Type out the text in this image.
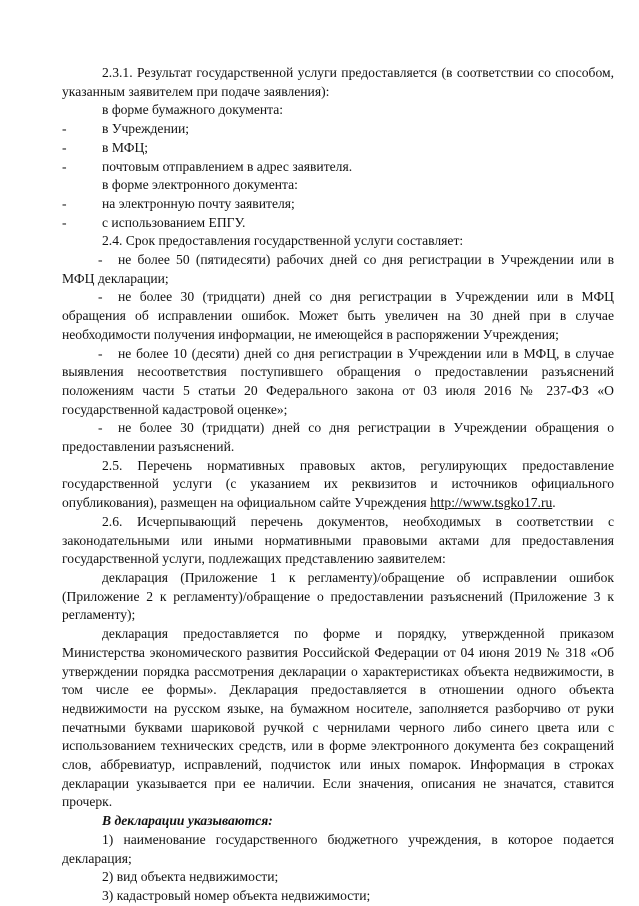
2.3.1. Результат государственной услуги предоставляется (в соответствии со способом, указанным заявителем при подаче заявления):

в форме бумажного документа:

-	в Учреждении;

-	в МФЦ;

-	почтовым отправлением в адрес заявителя.

в форме электронного документа:

-	на электронную почту заявителя;

-	с использованием ЕПГУ.

2.4. Срок предоставления государственной услуги составляет:

-	не более 50 (пятидесяти) рабочих дней со дня регистрации в Учреждении или в МФЦ декларации;

-	не более 30 (тридцати) дней со дня регистрации в Учреждении или в МФЦ обращения об исправлении ошибок. Может быть увеличен на 30 дней при в случае необходимости получения информации, не имеющейся в распоряжении Учреждения;

-	не более 10 (десяти) дней со дня регистрации в Учреждении или в МФЦ, в случае выявления несоответствия поступившего обращения о предоставлении разъяснений положениям части 5 статьи 20 Федерального закона от 03 июля 2016 № 237-ФЗ «О государственной кадастровой оценке»;

-	не более 30 (тридцати) дней со дня регистрации в Учреждении обращения о предоставлении разъяснений.

2.5. Перечень нормативных правовых актов, регулирующих предоставление государственной услуги (с указанием их реквизитов и источников официального опубликования), размещен на официальном сайте Учреждения http://www.tsgko17.ru.

2.6. Исчерпывающий перечень документов, необходимых в соответствии с законодательными или иными нормативными правовыми актами для предоставления государственной услуги, подлежащих представлению заявителем:

декларация (Приложение 1 к регламенту)/обращение об исправлении ошибок (Приложение 2 к регламенту)/обращение о предоставлении разъяснений (Приложение 3 к регламенту);

декларация предоставляется по форме и порядку, утвержденной приказом Министерства экономического развития Российской Федерации от 04 июня 2019 № 318 «Об утверждении порядка рассмотрения декларации о характеристиках объекта недвижимости, в том числе ее формы». Декларация предоставляется в отношении одного объекта недвижимости на русском языке, на бумажном носителе, заполняется разборчиво от руки печатными буквами шариковой ручкой с чернилами черного либо синего цвета или с использованием технических средств, или в форме электронного документа без сокращений слов, аббревиатур, исправлений, подчисток или иных помарок. Информация в строках декларации указывается при ее наличии. Если значения, описания не значатся, ставится прочерк.

В декларации указываются:

1) наименование государственного бюджетного учреждения, в которое подается декларация;

2) вид объекта недвижимости;

3) кадастровый номер объекта недвижимости;
